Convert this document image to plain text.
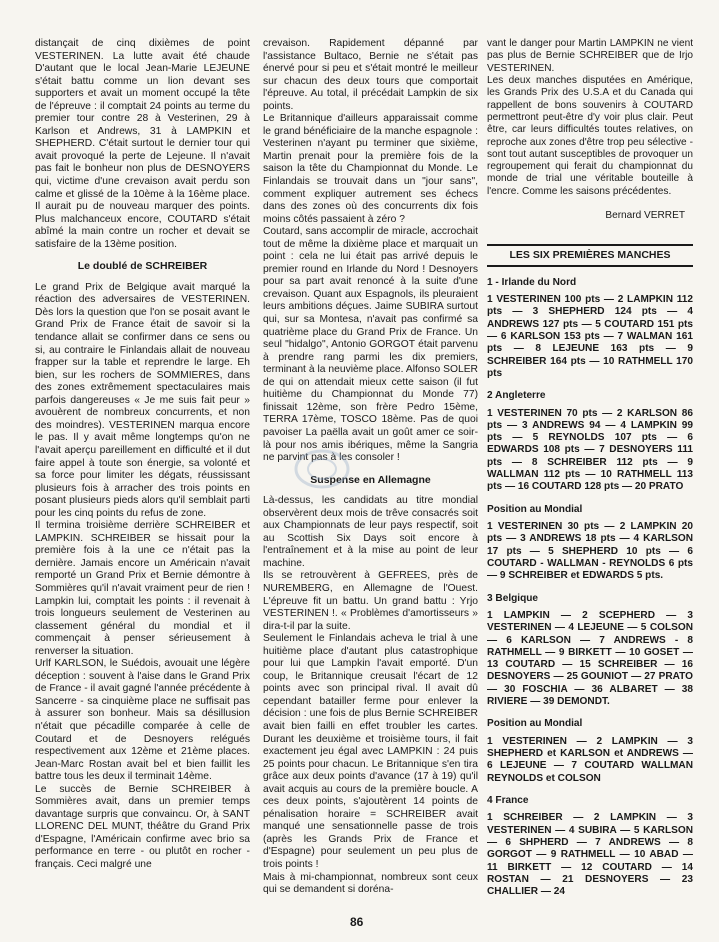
distançait de cinq dixièmes de point VESTERINEN. La lutte avait été chaude D'autant que le local Jean-Marie LEJEUNE s'était battu comme un lion devant ses supporters et avait un moment occupé la tête de l'épreuve : il comptait 24 points au terme du premier tour contre 28 à Vesterinen, 29 à Karlson et Andrews, 31 à LAMPKIN et SHEPHERD. C'était surtout le dernier tour qui avait provoqué la perte de Lejeune. Il n'avait pas fait le bonheur non plus de DESNOYERS qui, victime d'une crevaison avait perdu son calme et glissé de la 10ème à la 16ème place. Il aurait pu de nouveau marquer des points. Plus malchanceux encore, COUTARD s'était abîmé la main contre un rocher et devait se satisfaire de la 13ème position.

Le doublé de SCHREIBER

Le grand Prix de Belgique avait marqué la réaction des adversaires de VESTERINEN. Dès lors la question que l'on se posait avant le Grand Prix de France était de savoir si la tendance allait se confirmer dans ce sens ou si, au contraire le Finlandais allait de nouveau frapper sur la table et reprendre le large. Eh bien, sur les rochers de SOMMIERES, dans des zones extrêmement spectaculaires mais parfois dangereuses « Je me suis fait peur » avouèrent de nombreux concurrents, et non des moindres). VESTERINEN marqua encore le pas. Il y avait même longtemps qu'on ne l'avait aperçu pareillement en difficulté et il dut faire appel à toute son énergie, sa volonté et sa force pour limiter les dégats, réussissant plusieurs fois à arracher des trois points en posant plusieurs pieds alors qu'il semblait parti pour les cinq points du refus de zone.

Il termina troisième derrière SCHREIBER et LAMPKIN. SCHREIBER se hissait pour la première fois à la une ce n'était pas la dernière. Jamais encore un Américain n'avait remporté un Grand Prix et Bernie démontre à Sommières qu'il n'avait vraiment peur de rien ! Lampkin lui, comptait les points : il revenait à trois longueurs seulement de Vesterinen au classement général du mondial et il commençait à penser sérieusement à renverser la situation.

Urlf KARLSON, le Suédois, avouait une légère déception : souvent à l'aise dans le Grand Prix de France - il avait gagné l'année précédente à Sancerre - sa cinquième place ne suffisait pas à assurer son bonheur. Mais sa désillusion n'était que pécadille comparée à celle de Coutard et de Desnoyers relégués respectivement aux 12ème et 21ème places. Jean-Marc Rostan avait bel et bien faillit les battre tous les deux il terminait 14ème.

Le succès de Bernie SCHREIBER à Sommières avait, dans un premier temps davantage surpris que convaincu. Or, à SANT LLORENC DEL MUNT, théâtre du Grand Prix d'Espagne, l'Américain confirme avec brio sa performance en terre - ou plutôt en rocher - français. Ceci malgré une

crevaison. Rapidement dépanné par l'assistance Bultaco, Bernie ne s'était pas énervé pour si peu et s'était montré le meilleur sur chacun des deux tours que comportait l'épreuve. Au total, il précédait Lampkin de six points.

Le Britannique d'ailleurs apparaissait comme le grand bénéficiaire de la manche espagnole : Vesterinen n'ayant pu terminer que sixième, Martin prenait pour la première fois de la saison la tête du Championnat du Monde. Le Finlandais se trouvait dans un "jour sans", comment expliquer autrement ses échecs dans des zones où des concurrents dix fois moins côtés passaient à zéro ?

Coutard, sans accomplir de miracle, accrochait tout de même la dixième place et marquait un point : cela ne lui était pas arrivé depuis le premier round en Irlande du Nord ! Desnoyers pour sa part avait renoncé à la suite d'une crevaison. Quant aux Espagnols, ils pleuraient leurs ambitions déçues. Jaime SUBIRA surtout qui, sur sa Montesa, n'avait pas confirmé sa quatrième place du Grand Prix de France. Un seul "hidalgo", Antonio GORGOT était parvenu à prendre rang parmi les dix premiers, terminant à la neuvième place. Alfonso SOLER de qui on attendait mieux cette saison (il fut huitième du Championnat du Monde 77) finissait 12ème, son frère Pedro 15ème, TERRA 17ème, TOSCO 18ème. Pas de quoi pavoiser La paëlla avait un goût amer ce soir-là pour nos amis ibériques, même la Sangria ne parvint pas à les consoler !

Suspense en Allemagne

Là-dessus, les candidats au titre mondial observèrent deux mois de trêve consacrés soit aux Championnats de leur pays respectif, soit au Scottish Six Days soit encore à l'entraînement et à la mise au point de leur machine.

Ils se retrouvèrent à GEFREES, près de NUREMBERG, en Allemagne de l'Ouest. L'épreuve fit un battu. Un grand battu : Yrjo VESTERINEN !. « Problèmes d'amortisseurs » dira-t-il par la suite.

Seulement le Finlandais acheva le trial à une huitième place d'autant plus catastrophique pour lui que Lampkin l'avait emporté. D'un coup, le Britannique creusait l'écart de 12 points avec son principal rival. Il avait dû cependant batailler ferme pour enlever la décision : une fois de plus Bernie SCHREIBER avait bien failli en effet troubler les cartes. Durant les deuxième et troisième tours, il fait exactement jeu égal avec LAMPKIN : 24 puis 25 points pour chacun. Le Britannique s'en tira grâce aux deux points d'avance (17 à 19) qu'il avait acquis au cours de la première boucle. A ces deux points, s'ajoutèrent 14 points de pénalisation horaire = SCHREIBER avait manqué une sensationnelle passe de trois (après les Grands Prix de France et d'Espagne) pour seulement un peu plus de trois points !

Mais à mi-championnat, nombreux sont ceux qui se demandent si doréna-

vant le danger pour Martin LAMPKIN ne vient pas plus de Bernie SCHREIBER que de Irjo VESTERINEN.

Les deux manches disputées en Amérique, les Grands Prix des U.S.A et du Canada qui rappellent de bons souvenirs à COUTARD permettront peut-être d'y voir plus clair. Peut être, car leurs difficultés toutes relatives, on reproche aux zones d'être trop peu sélective - sont tout autant susceptibles de provoquer un regroupement qui ferait du championnat du monde de trial une véritable bouteille à l'encre. Comme les saisons précédentes.

Bernard VERRET

LES SIX PREMIÈRES MANCHES

1 - Irlande du Nord

1 VESTERINEN 100 pts — 2 LAMPKIN 112 pts — 3 SHEPHERD 124 pts — 4 ANDREWS 127 pts — 5 COUTARD 151 pts — 6 KARLSON 153 pts — 7 WALMAN 161 pts — 8 LEJEUNE 163 pts — 9 SCHREIBER 164 pts — 10 RATHMELL 170 pts

2 Angleterre

1 VESTERINEN 70 pts — 2 KARLSON 86 pts — 3 ANDREWS 94 — 4 LAMPKIN 99 pts — 5 REYNOLDS 107 pts — 6 EDWARDS 108 pts — 7 DESNOYERS 111 pts — 8 SCHREIBER 112 pts — 9 WALLMAN 112 pts — 10 RATHMELL 113 pts — 16 COUTARD 128 pts — 20 PRATO

Position au Mondial

1 VESTERINEN 30 pts — 2 LAMPKIN 20 pts — 3 ANDREWS 18 pts — 4 KARLSON 17 pts — 5 SHEPHERD 10 pts — 6 COUTARD - WALLMAN - REYNOLDS 6 pts — 9 SCHREIBER et EDWARDS 5 pts.

3 Belgique

1 LAMPKIN — 2 SCEPHERD — 3 VESTERINEN — 4 LEJEUNE — 5 COLSON — 6 KARLSON — 7 ANDREWS - 8 RATHMELL — 9 BIRKETT — 10 GOSET — 13 COUTARD — 15 SCHREIBER — 16 DESNOYERS — 25 GOUNIOT — 27 PRATO — 30 FOSCHIA — 36 ALBARET — 38 RIVIERE — 39 DEMONDT.

Position au Mondial

1 VESTERINEN — 2 LAMPKIN — 3 SHEPHERD et KARLSON et ANDREWS — 6 LEJEUNE — 7 COUTARD WALLMAN REYNOLDS et COLSON

4 France

1 SCHREIBER — 2 LAMPKIN — 3 VESTERINEN — 4 SUBIRA — 5 KARLSON — 6 SHPHERD — 7 ANDREWS — 8 GORGOT — 9 RATHMELL — 10 ABAD — 11 BIRKETT — 12 COUTARD — 14 ROSTAN — 21 DESNOYERS — 23 CHALLIER — 24

86
